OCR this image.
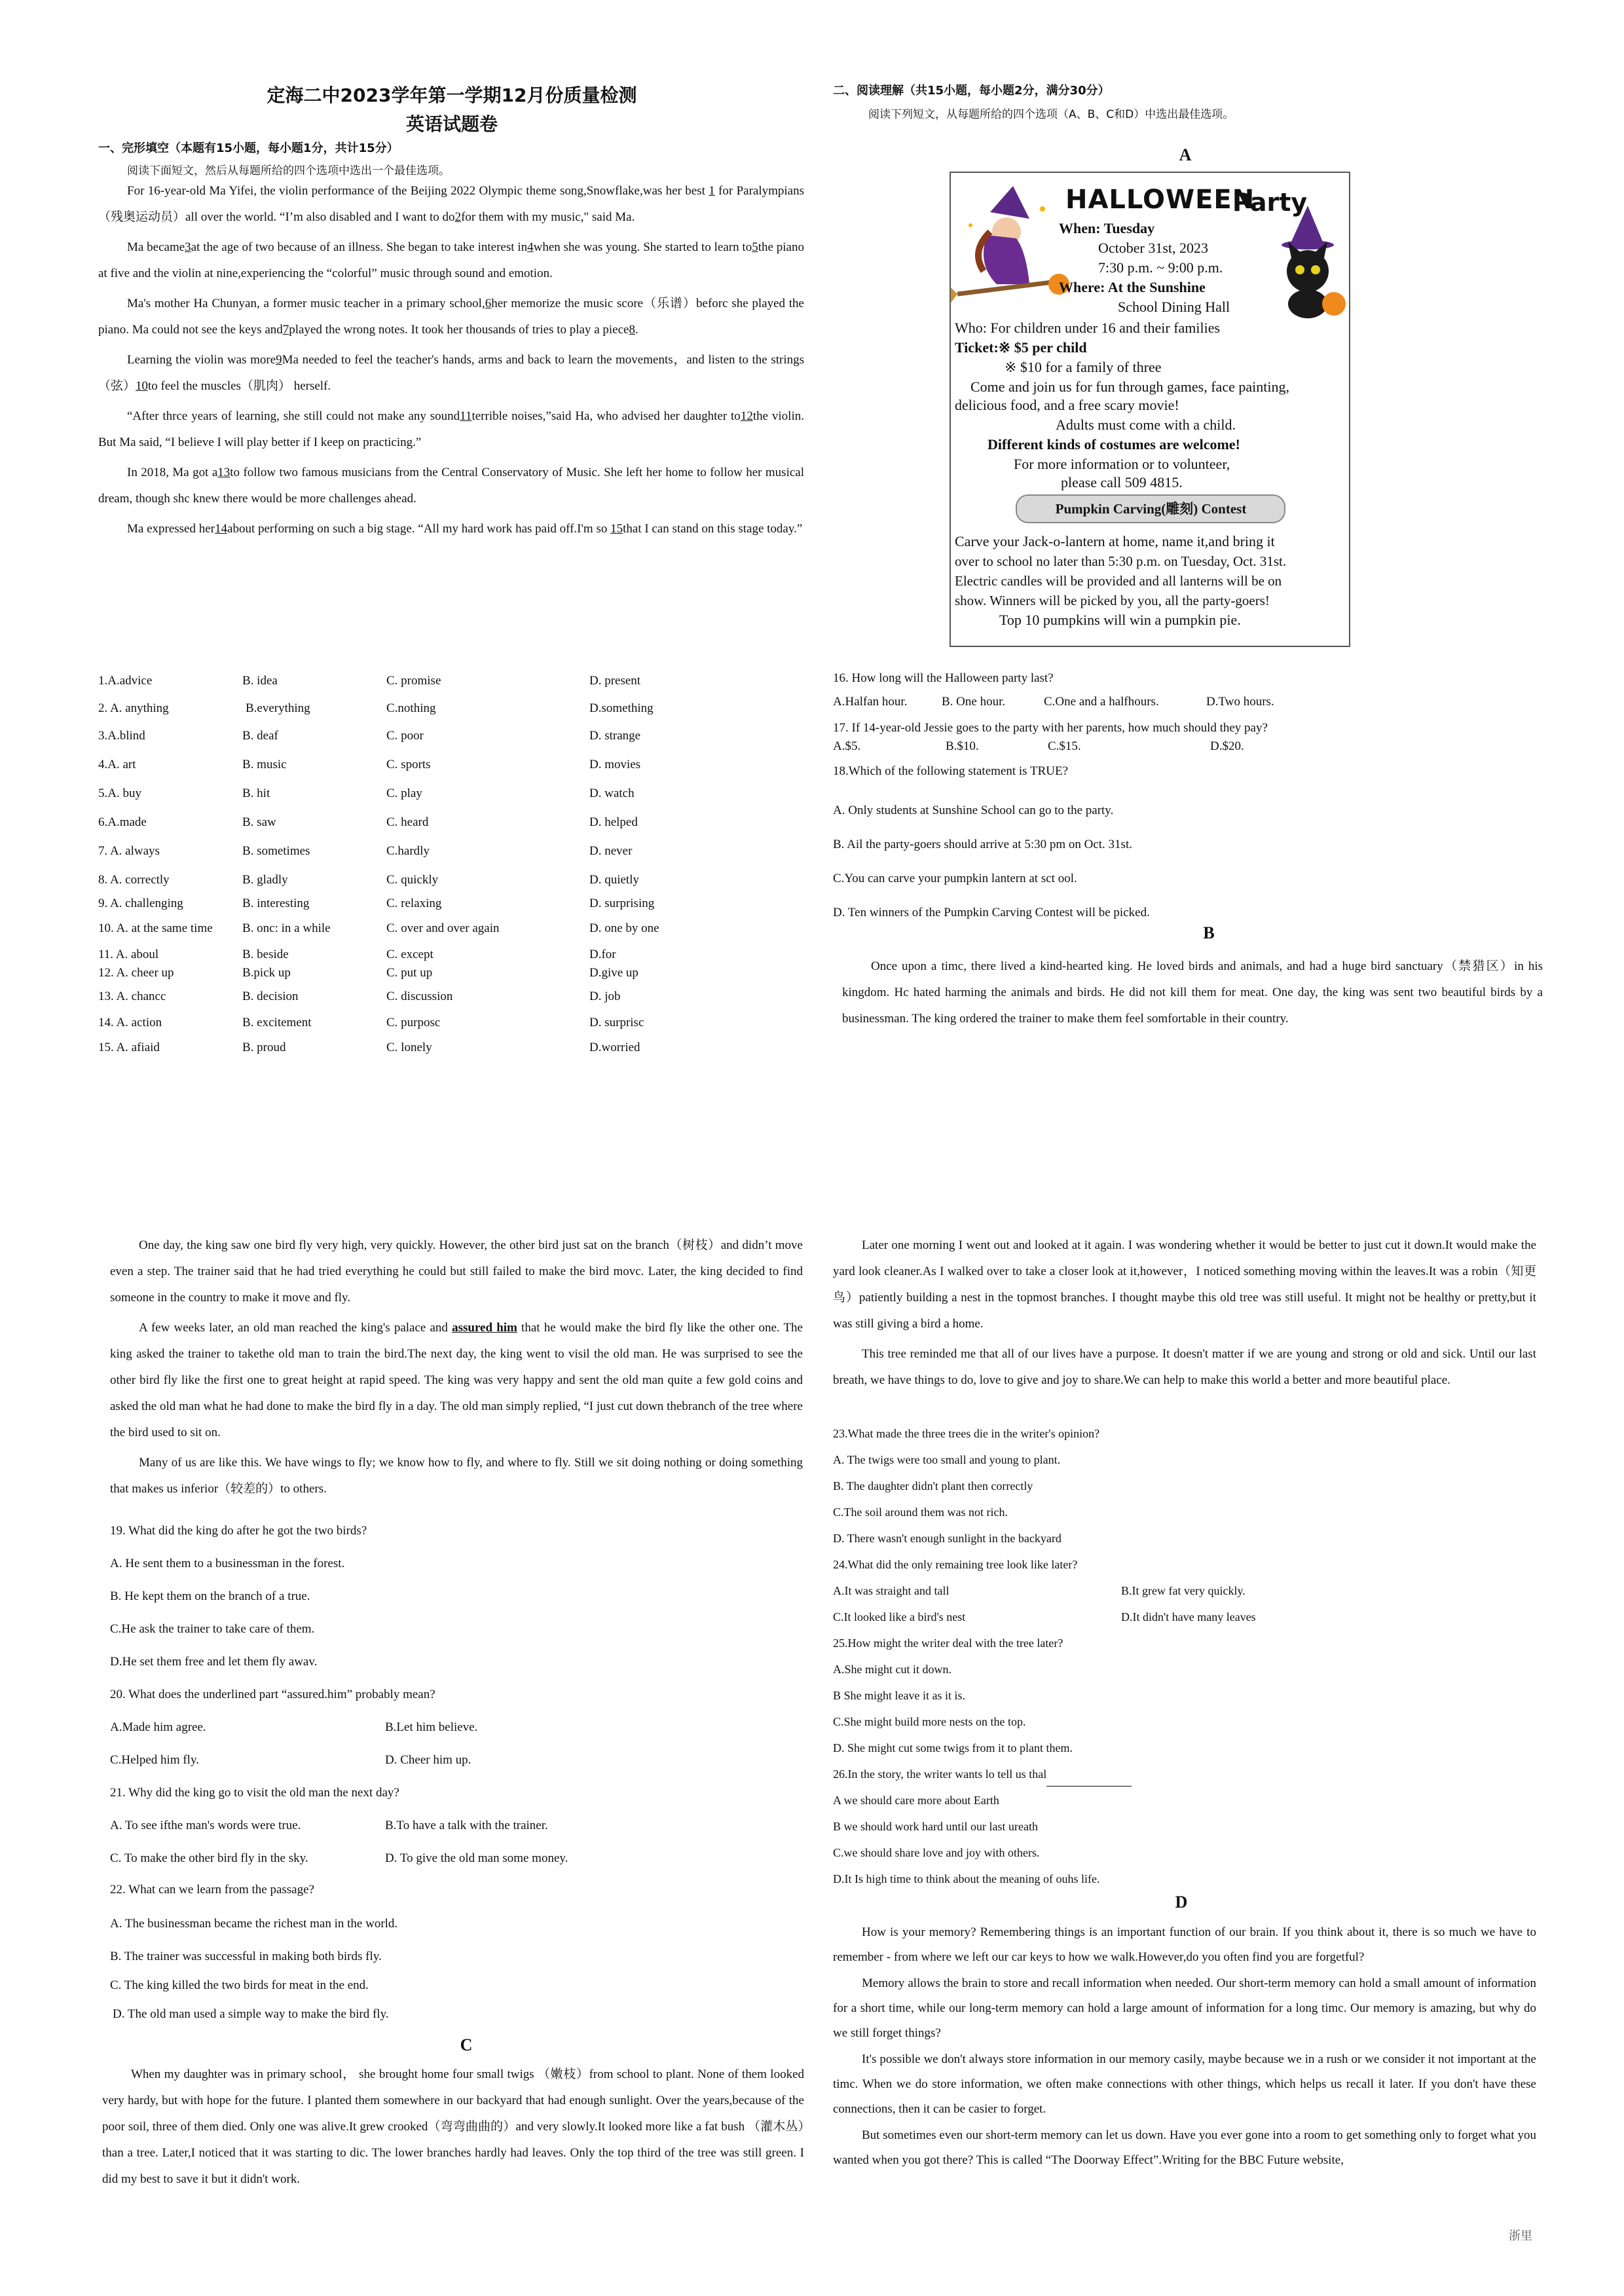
定海二中2023学年第一学期12月份质量检测
英语试题卷
一、完形填空（本题有15小题，每小题1分，共计15分）
阅读下面短文，然后从每题所给的四个选项中选出一个最佳选项。

For 16-year-old Ma Yifei, the violin performance of the Beijing 2022 Olympic theme song,Snowflake,was her best 1 for Paralympians（残奥运动员）all over the world. “I’m also disabled and I want to do2for them with my music," said Ma.

Ma became3at the age of two because of an illness. She began to take interest in4when she was young. She started to learn to5the piano at five and the violin at nine,experiencing the “colorful” music through sound and emotion.

Ma's mother Ha Chunyan, a former music teacher in a primary school,6her memorize the music score（乐谱）beforc she played the piano. Ma could not see the keys and7played the wrong notes. It took her thousands of tries to play a piece8.

Learning the violin was more9Ma needed to feel the teacher's hands, arms and back to learn the movements，and listen to the strings（弦）10to feel the muscles（肌肉） herself.

“After thrce years of learning, she still could not make any sound11terrible noises,”said Ha, who advised her daughter to12the violin. But Ma said, “I believe I will play better if I keep on practicing.”

In 2018, Ma got a13to follow two famous musicians from the Central Conservatory of Music. She left her home to follow her musical dream, though shc knew there would be more challenges ahead.

Ma expressed her14about performing on such a big stage. “All my hard work has paid off.I'm so 15that I can stand on this stage today.”

1.A.advice	B. idea	C. promise	D. present
2. A. anything	B.everything	C.nothing	D.something
3.A.blind	B. deaf	C. poor	D. strange
4.A. art	B. music	C. sports	D. movies
5.A. buy	B. hit	C. play	D. watch
6.A.made	B. saw	C. heard	D. helped
7. A. always	B. sometimes	C.hardly	D. never
8. A. correctly	B. gladly	C. quickly	D. quietly
9. A. challenging	B. interesting	C. relaxing	D. surprising
10. A. at the same time B. onc: in a while	C. over and over again	D. one by one
11. A. aboul	B. beside	C. except	D.for
12. A. cheer up	B.pick up	C. put up	D.give up
13. A. chancc	B. decision	C. discussion	D. job
14. A. action	B. excitement	C. purposc	D. surprisc
15. A. afiaid	B. proud	C. lonely	D.worried
二、阅读理解（共15小题，每小题2分，满分30分）
阅读下列短文，从每题所给的四个选项（A、B、C和D）中选出最佳选项。
A
HALLOWEEN
Party
When: Tuesday
October 31st, 2023
7:30 p.m. ~ 9:00 p.m.
Where: At the Sunshine
School Dining Hall
Who: For children under 16 and their families
Ticket:※ $5 per child
※ $10 for a family of three
Come and join us for fun through games, face painting,
delicious food, and a free scary movie!
Adults must come with a child.
Different kinds of costumes are welcome!
For more information or to volunteer,
please call 509 4815.
Pumpkin Carving(雕刻) Contest
Carve your Jack-o-lantern at home, name it,and bring it
over to school no later than 5:30 p.m. on Tuesday, Oct. 31st.
Electric candles will be provided and all lanterns will be on
show. Winners will be picked by you, all the party-goers!
Top 10 pumpkins will win a pumpkin pie.
16. How long will the Halloween party last?
A.Halfan hour.	B. One hour.	C.One and a halfhours.	D.Two hours.
17. If 14-year-old Jessie goes to the party with her parents, how much should they pay?
A.$5.	B.$10.	C.$15.	D.$20.
18.Which of the following statement is TRUE?
A. Only students at Sunshine School can go to the party.
B. Ail the party-goers should arrive at 5:30 pm on Oct. 31st.
C.You can carve your pumpkin lantern at sct ool.
D. Ten winners of the Pumpkin Carving Contest will be picked.
B

Once upon a timc, there lived a kind-hearted king. He loved birds and animals, and had a huge bird sanctuary（禁猎区）in his kingdom. Hc hated harming the animals and birds. He did not kill them for meat. One day, the king was sent two beautiful birds by a businessman. The king ordered the trainer to make them feel somfortable in their country.

One day, the king saw one bird fly very high, very quickly. However, the other bird just sat on the branch（树枝）and didn’t move even a step. The trainer said that he had tried everything he could but still failed to make the bird movc. Later, the king decided to find someone in the country to make it move and fly.

A few weeks later, an old man reached the king's palace and assured him that he would make the bird fly like the other one. The king asked the trainer to takethe old man to train the bird.The next day, the king went to visil the old man. He was surprised to see the other bird fly like the first one to great height at rapid speed. The king was very happy and sent the old man quite a few gold coins and asked the old man what he had done to make the bird fly in a day. The old man simply replied, “I just cut down thebranch of the tree where the bird used to sit on.

Many of us are like this. We have wings to fly; we know how to fly, and where to fly. Still we sit doing nothing or doing something that makes us inferior（较差的）to others.

19. What did the king do after he got the two birds?
A. He sent them to a businessman in the forest.
B. He kept them on the branch of a true.
C.He ask the trainer to take care of them.
D.He set them free and let them fly awav.
20. What does the underlined part “assured.him” probably mean?
A.Made him agree.	B.Let him believe.
C.Helped him fly.	D. Cheer him up.
21. Why did the king go to visit the old man the next day?
A. To see ifthe man's words were true.	B.To have a talk with the trainer.
C. To make the other bird fly in the sky.	D. To give the old man some money.
22. What can we learn from the passage?
A. The businessman became the richest man in the world.
B. The trainer was successful in making both birds fly.
C. The king killed the two birds for meat in the end.
D. The old man used a simple way to make the bird fly.
C

When my daughter was in primary school， she brought home four small twigs （嫩枝）from school to plant. None of them looked very hardy, but with hope for the future. I planted them somewhere in our backyard that had enough sunlight. Over the years,because of the poor soil, three of them died. Only one was alive.It grew crooked（弯弯曲曲的）and very slowly.It looked more like a fat bush （灌木丛）than a tree. Later,I noticed that it was starting to dic. The lower branches hardly had leaves. Only the top third of the tree was still green. I did my best to save it but it didn't work.

Later one morning I went out and looked at it again. I was wondering whether it would be better to just cut it down.It would make the yard look cleaner.As I walked over to take a closer look at it,however，I noticed something moving within the leaves.It was a robin（知更鸟）patiently building a nest in the topmost branches. I thought maybe this old tree was still useful. It might not be healthy or pretty,but it was still giving a bird a home.

This tree reminded me that all of our lives have a purpose. It doesn't matter if we are young and strong or old and sick. Until our last breath, we have things to do, love to give and joy to share.We can help to make this world a better and more beautiful place.

23.What made the three trees die in the writer's opinion?
A. The twigs were too small and young to plant.
B. The daughter didn't plant then correctly
C.The soil around them was not rich.
D. There wasn't enough sunlight in the backyard
24.What did the only remaining tree look like later?
A.It was straight and tall	B.It grew fat very quickly.
C.It looked like a bird's nest	D.It didn't have many leaves
25.How might the writer deal with the tree later?
A.She might cut it down.
B She might leave it as it is.
C.She might build more nests on the top.
D. She might cut some twigs from it to plant them.
26.In the story, the writer wants lo tell us thal
A we should care more about Earth
B we should work hard until our last ureath
C.we should share love and joy with others.
D.It Is high time to think about the meaning of ouhs life.
D

How is your memory? Remembering things is an important function of our brain. If you think about it, there is so much we have to remember - from where we left our car keys to how we walk.However,do you often find you are forgetful?

Memory allows the brain to store and recall information when needed. Our short-term memory can hold a small amount of information for a short time, while our long-term memory can hold a large amount of information for a long timc. Our memory is amazing, but why do we still forget things?

It's possible we don't always store information in our memory casily, maybe because we in a rush or we consider it not important at the timc. When we do store information, we often make connections with other things, which helps us recall it later. If you don't have these connections, then it can be casier to forget.

But sometimes even our short-term memory can let us down. Have you ever gone into a room to get something only to forget what you wanted when you got there? This is called “The Doorway Effect”.Writing for the BBC Future website,

浙里
